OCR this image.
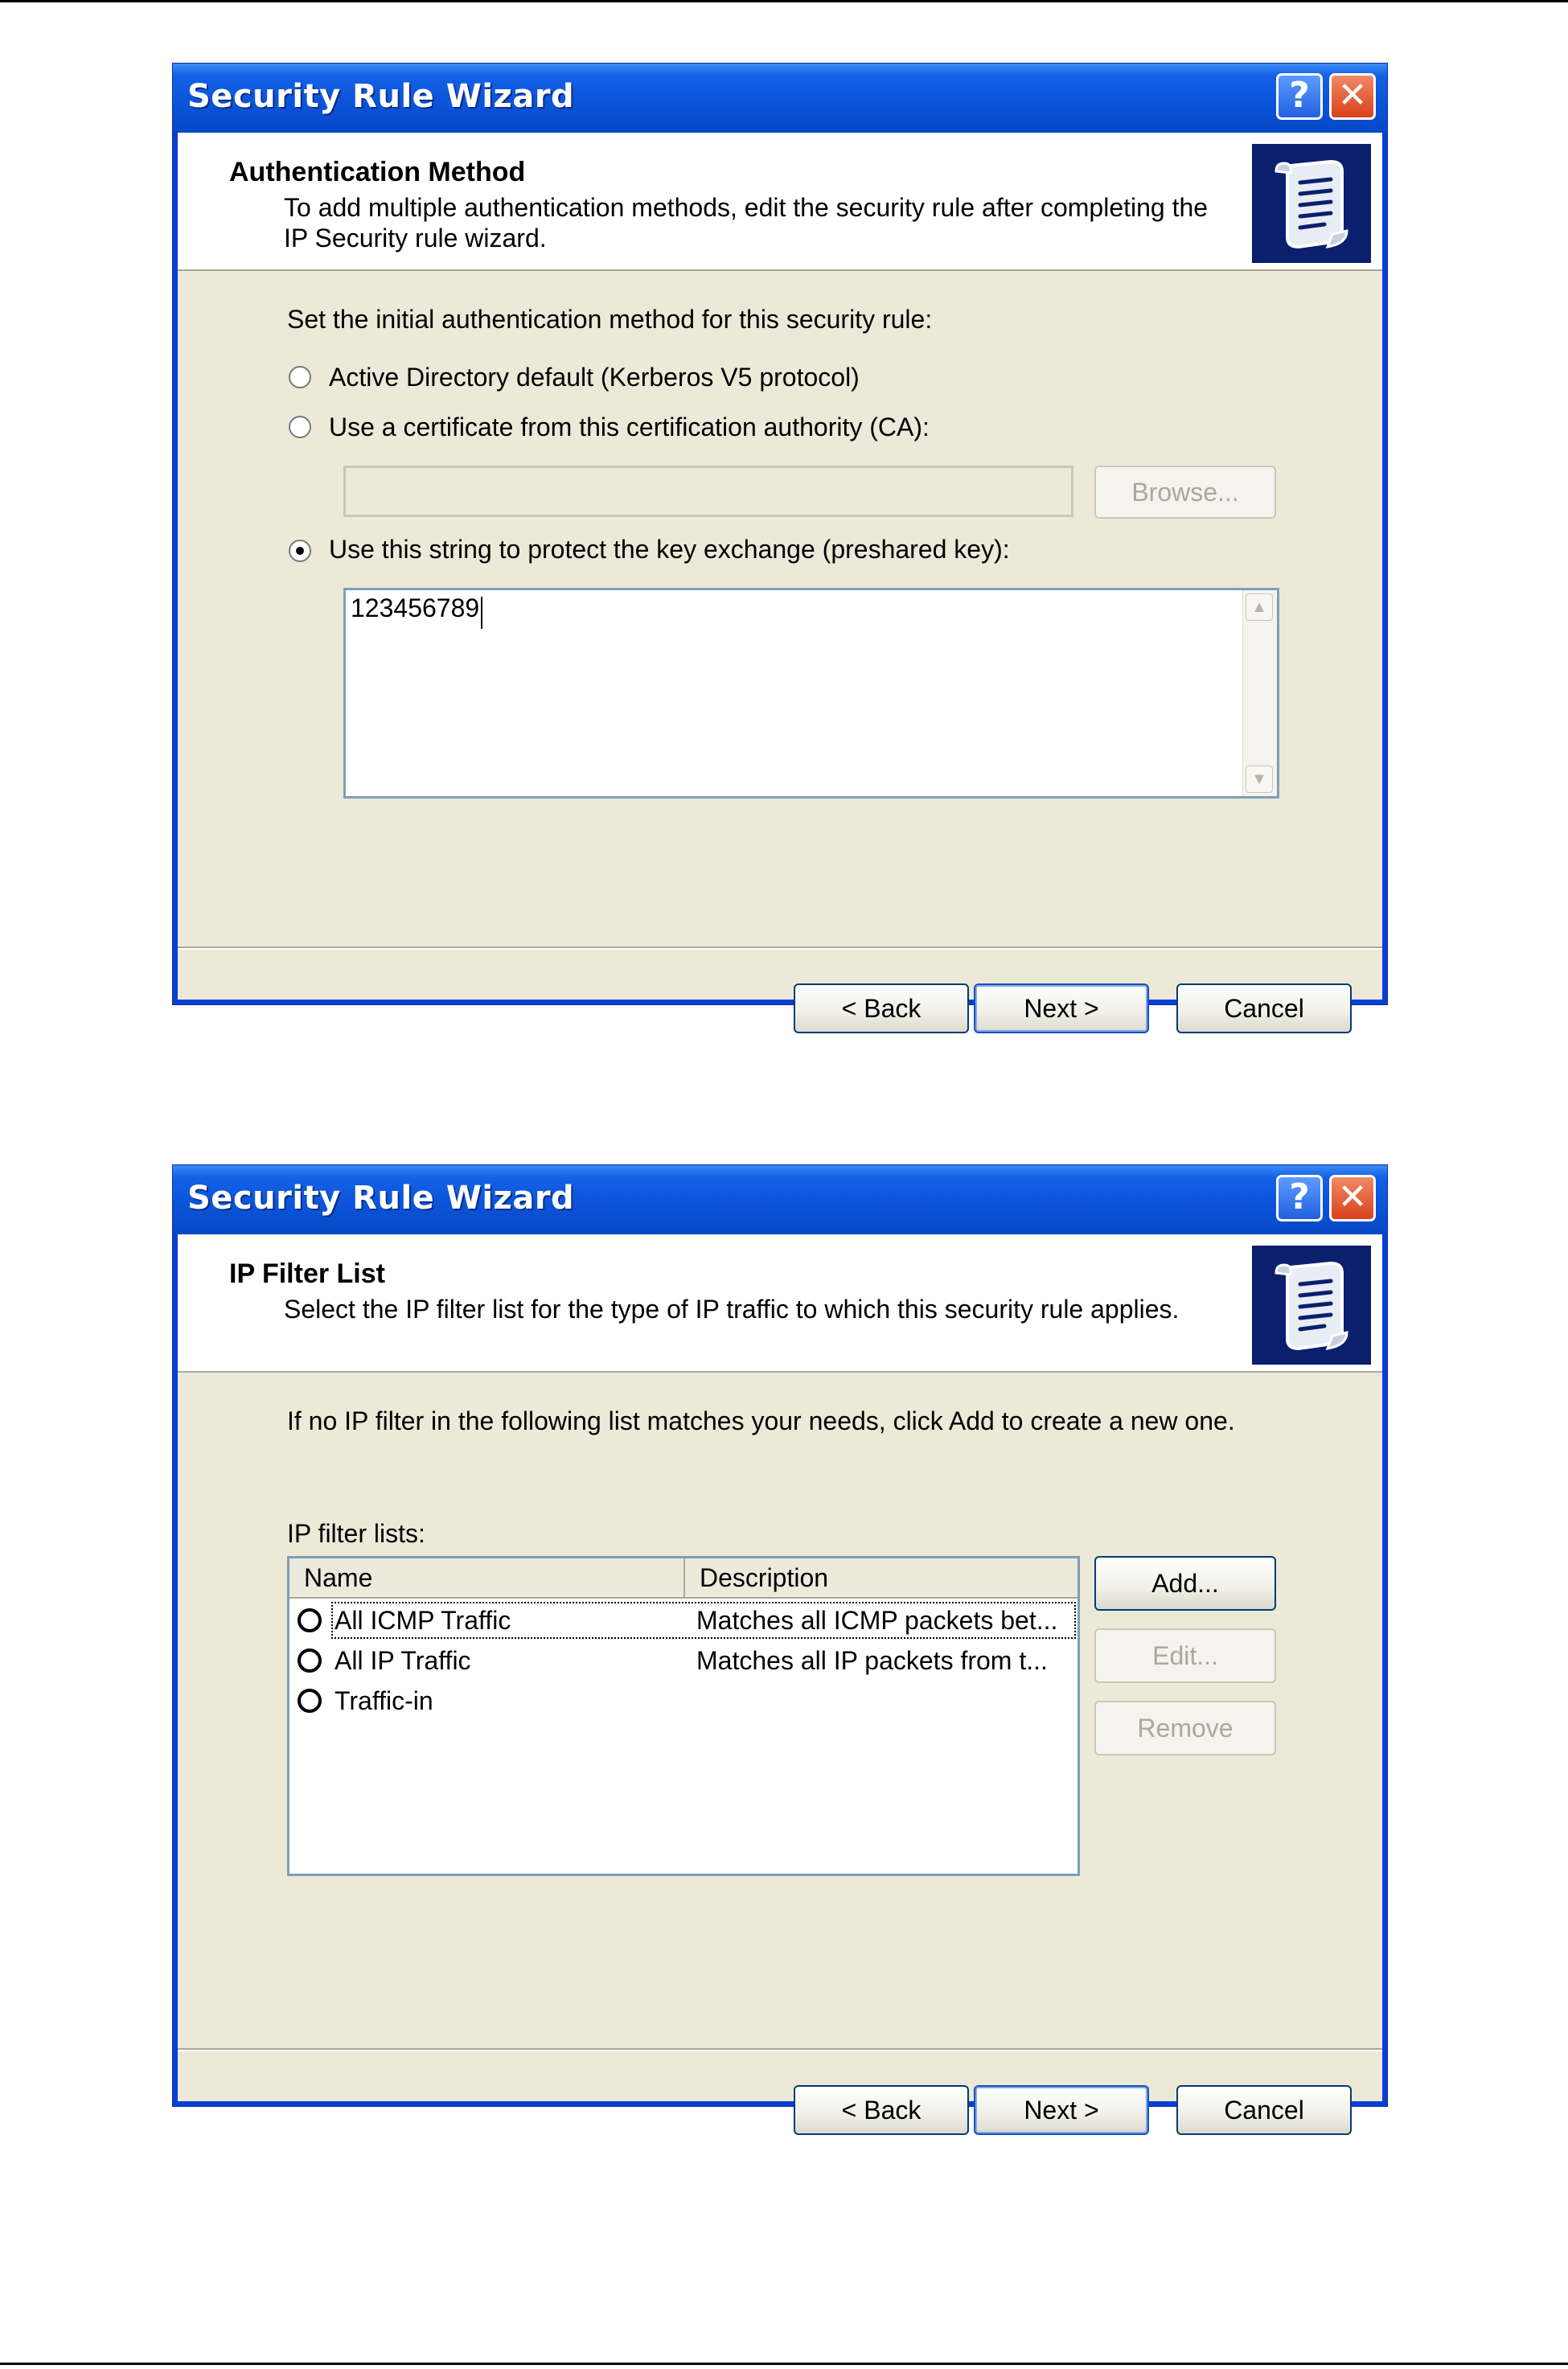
Security Rule Wizard	? ✕
Authentication Method
To add multiple authentication methods, edit the security rule after completing the IP Security rule wizard.
Set the initial authentication method for this security rule:
Active Directory default (Kerberos V5 protocol)
Use a certificate from this certification authority (CA):
Browse...
Use this string to protect the key exchange (preshared key):
123456789	▲
▼
< Back	Next >	Cancel
Security Rule Wizard	? ✕
IP Filter List
Select the IP filter list for the type of IP traffic to which this security rule applies.
If no IP filter in the following list matches your needs, click Add to create a new one.
IP filter lists:
Name	Description
All ICMP Traffic	Matches all ICMP packets bet...
All IP Traffic	Matches all IP packets from t...
Traffic-in
Add...
Edit...
Remove
< Back	Next >	Cancel
